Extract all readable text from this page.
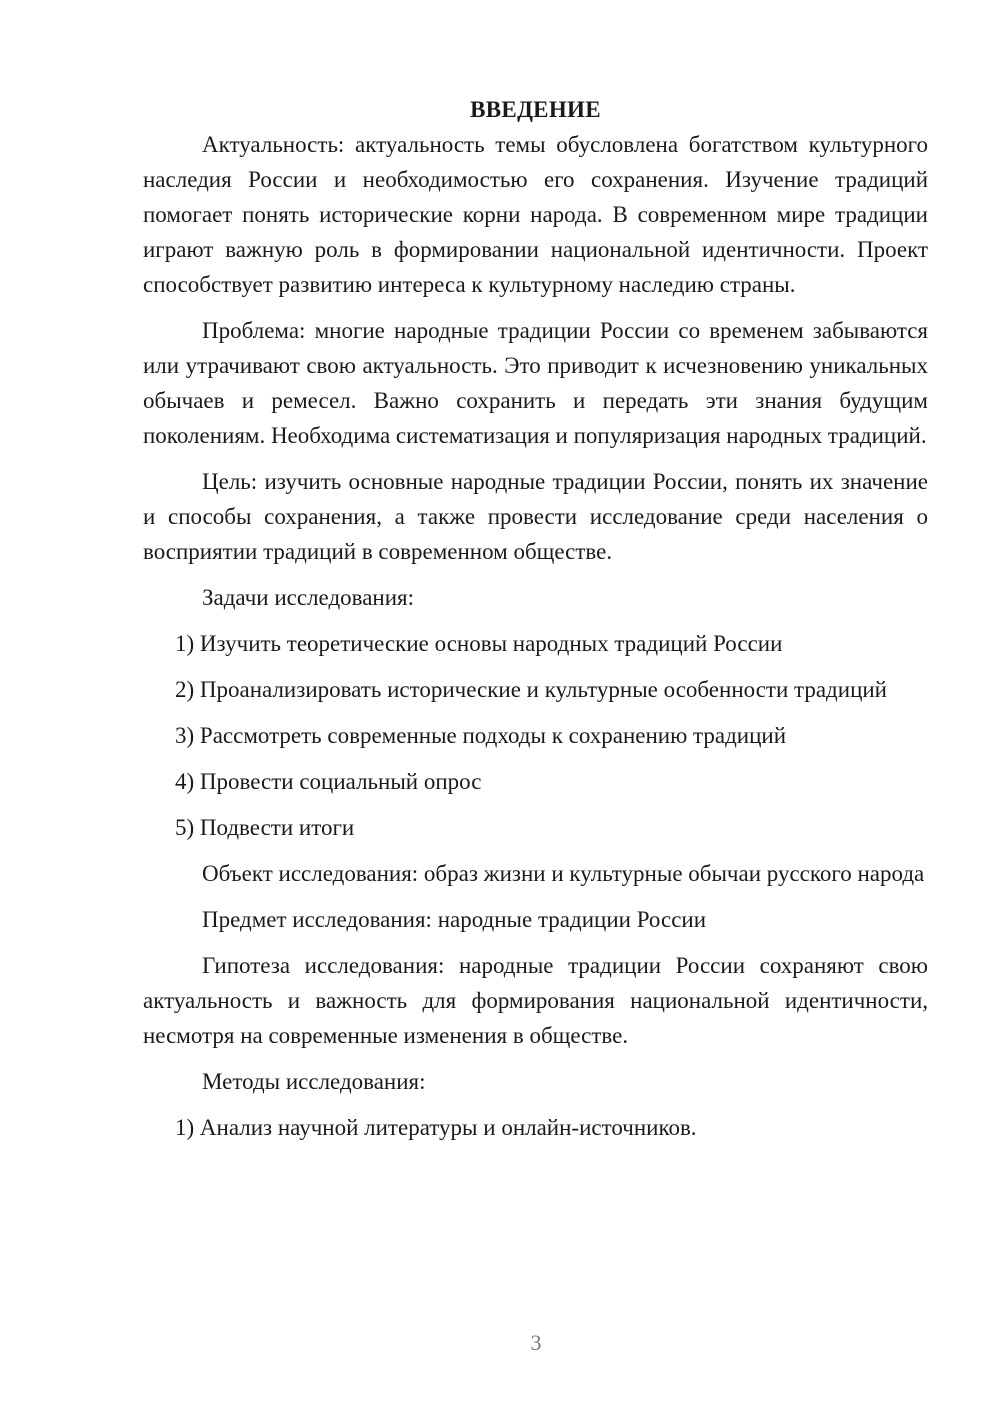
ВВЕДЕНИЕ

Актуальность: актуальность темы обусловлена богатством культурного наследия России и необходимостью его сохранения. Изучение традиций помогает понять исторические корни народа. В современном мире традиции играют важную роль в формировании национальной идентичности. Проект способствует развитию интереса к культурному наследию страны.

Проблема: многие народные традиции России со временем забываются или утрачивают свою актуальность. Это приводит к исчезновению уникальных обычаев и ремесел. Важно сохранить и передать эти знания будущим поколениям. Необходима систематизация и популяризация народных традиций.

Цель: изучить основные народные традиции России, понять их значение и способы сохранения, а также провести исследование среди населения о восприятии традиций в современном обществе.

Задачи исследования:

1) Изучить теоретические основы народных традиций России

2) Проанализировать исторические и культурные особенности традиций

3) Рассмотреть современные подходы к сохранению традиций

4) Провести социальный опрос

5) Подвести итоги

Объект исследования: образ жизни и культурные обычаи русского народа

Предмет исследования: народные традиции России

Гипотеза исследования: народные традиции России сохраняют свою актуальность и важность для формирования национальной идентичности, несмотря на современные изменения в обществе.

Методы исследования:

1) Анализ научной литературы и онлайн-источников.

3
